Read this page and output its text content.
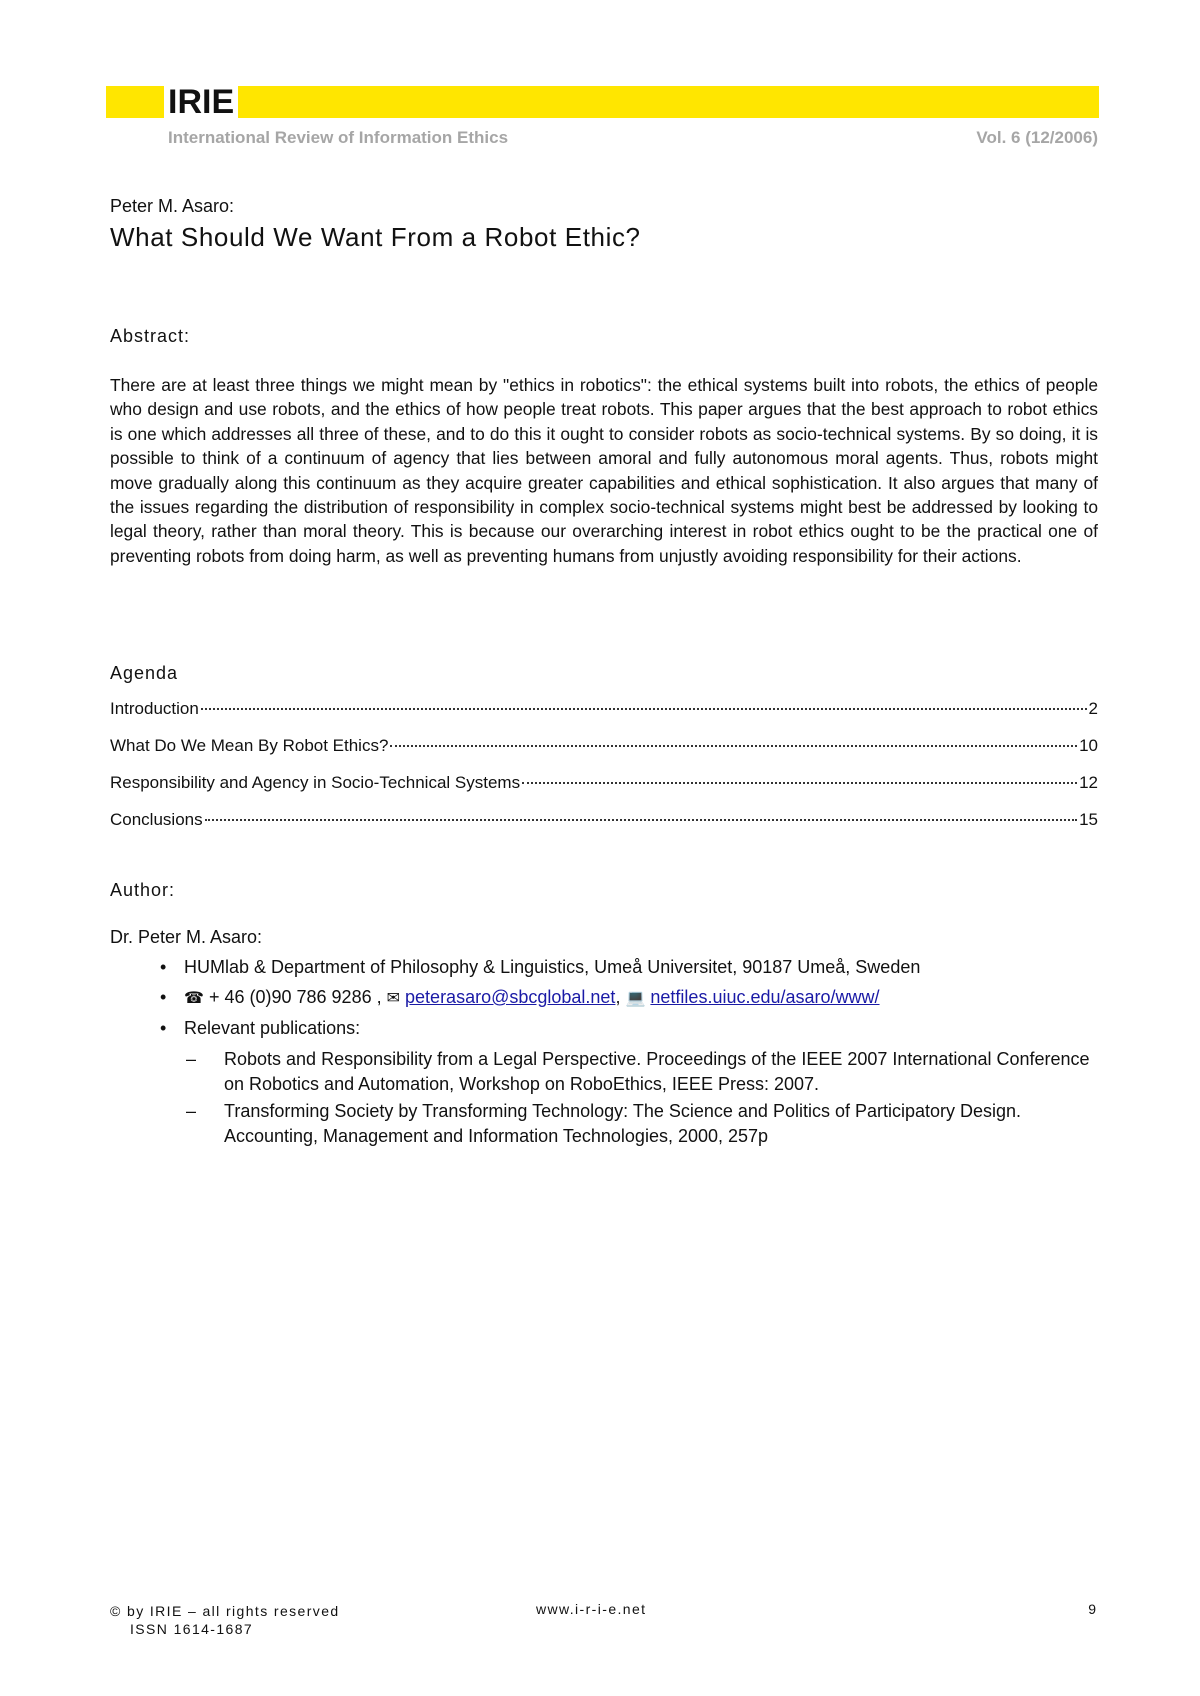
IRIE
International Review of Information Ethics	Vol. 6 (12/2006)
Peter M. Asaro:
What Should We Want From a Robot Ethic?
Abstract:

There are at least three things we might mean by "ethics in robotics": the ethical systems built into robots, the ethics of people who design and use robots, and the ethics of how people treat robots. This paper argues that the best approach to robot ethics is one which addresses all three of these, and to do this it ought to consider robots as socio-technical systems. By so doing, it is possible to think of a continuum of agency that lies between amoral and fully autonomous moral agents. Thus, robots might move gradually along this continuum as they acquire greater capabilities and ethical sophistication. It also argues that many of the issues regarding the distribution of responsibility in complex socio-technical systems might best be addressed by looking to legal theory, rather than moral theory. This is because our overarching interest in robot ethics ought to be the practical one of preventing robots from doing harm, as well as preventing humans from unjustly avoiding responsibility for their actions.

Agenda
Introduction	2
What Do We Mean By Robot Ethics?	10
Responsibility and Agency in Socio-Technical Systems	12
Conclusions	15
Author:
Dr. Peter M. Asaro:
• HUMlab & Department of Philosophy & Linguistics, Umeå Universitet, 90187 Umeå, Sweden
• ☎ + 46 (0)90 786 9286 , ✉ peterasaro@sbcglobal.net, 💻 netfiles.uiuc.edu/asaro/www/
• Relevant publications:
– Robots and Responsibility from a Legal Perspective. Proceedings of the IEEE 2007 International Conference on Robotics and Automation, Workshop on RoboEthics, IEEE Press: 2007.
– Transforming Society by Transforming Technology: The Science and Politics of Participatory Design. Accounting, Management and Information Technologies, 2000, 257p
© by IRIE – all rights reserved
ISSN 1614-1687
www.i-r-i-e.net	9
